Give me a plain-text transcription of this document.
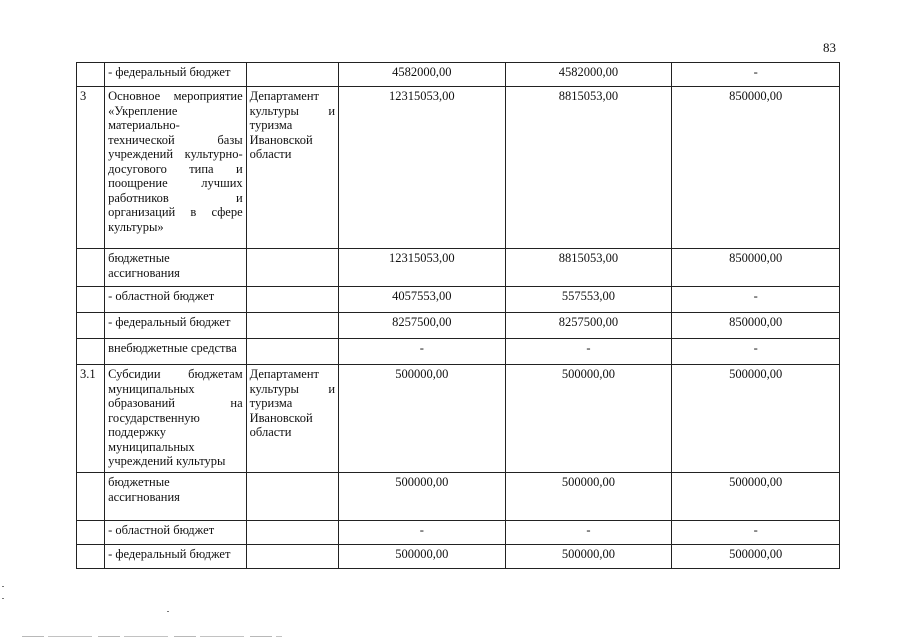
83
	- федеральный бюджет		4582000,00	4582000,00	-
3	Основное мероприятие «Укрепление материально-технической базы учреждений культурно-досугового типа и поощрение лучших работников и организаций в сфере культуры»	Департамент культуры и туризма Ивановской области	12315053,00	8815053,00	850000,00
	бюджетные ассигнования		12315053,00	8815053,00	850000,00
	- областной бюджет		4057553,00	557553,00	-
	- федеральный бюджет		8257500,00	8257500,00	850000,00
	внебюджетные средства		-	-	-
3.1	Субсидии бюджетам муниципальных образований на государственную поддержку муниципальных учреждений культуры	Департамент культуры и туризма Ивановской области	500000,00	500000,00	500000,00
	бюджетные ассигнования		500000,00	500000,00	500000,00
	- областной бюджет		-	-	-
	- федеральный бюджет		500000,00	500000,00	500000,00
